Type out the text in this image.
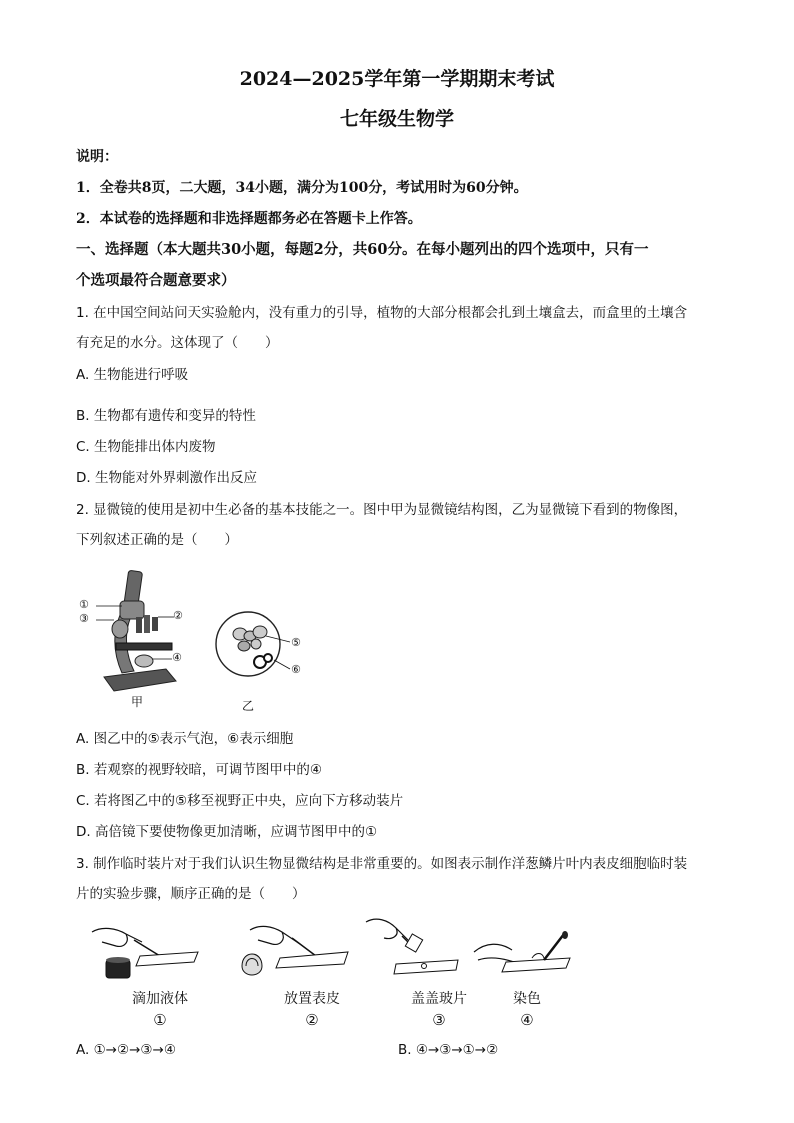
2024—2025学年第一学期期末考试
七年级生物学
说明：
1．全卷共8页，二大题，34小题，满分为100分，考试用时为60分钟。
2．本试卷的选择题和非选择题都务必在答题卡上作答。
一、选择题（本大题共30小题，每题2分，共60分。在每小题列出的四个选项中，只有一
个选项最符合题意要求）
1. 在中国空间站问天实验舱内，没有重力的引导，植物的大部分根都会扎到土壤盒去，而盒里的土壤含
有充足的水分。这体现了（　　）
A. 生物能进行呼吸
B. 生物都有遗传和变异的特性
C. 生物能排出体内废物
D. 生物能对外界刺激作出反应
2. 显微镜的使用是初中生必备的基本技能之一。图中甲为显微镜结构图，乙为显微镜下看到的物像图，
下列叙述正确的是（　　）
①
③	②
④
甲
⑤
⑥
乙
A. 图乙中的⑤表示气泡，⑥表示细胞
B. 若观察的视野较暗，可调节图甲中的④
C. 若将图乙中的⑤移至视野正中央，应向下方移动装片
D. 高倍镜下要使物像更加清晰，应调节图甲中的①
3. 制作临时装片对于我们认识生物显微结构是非常重要的。如图表示制作洋葱鳞片叶内表皮细胞临时装
片的实验步骤，顺序正确的是（　　）
滴加液体	放置表皮	盖盖玻片	染色
①	②	③	④
A. ①→②→③→④	B. ④→③→①→②
